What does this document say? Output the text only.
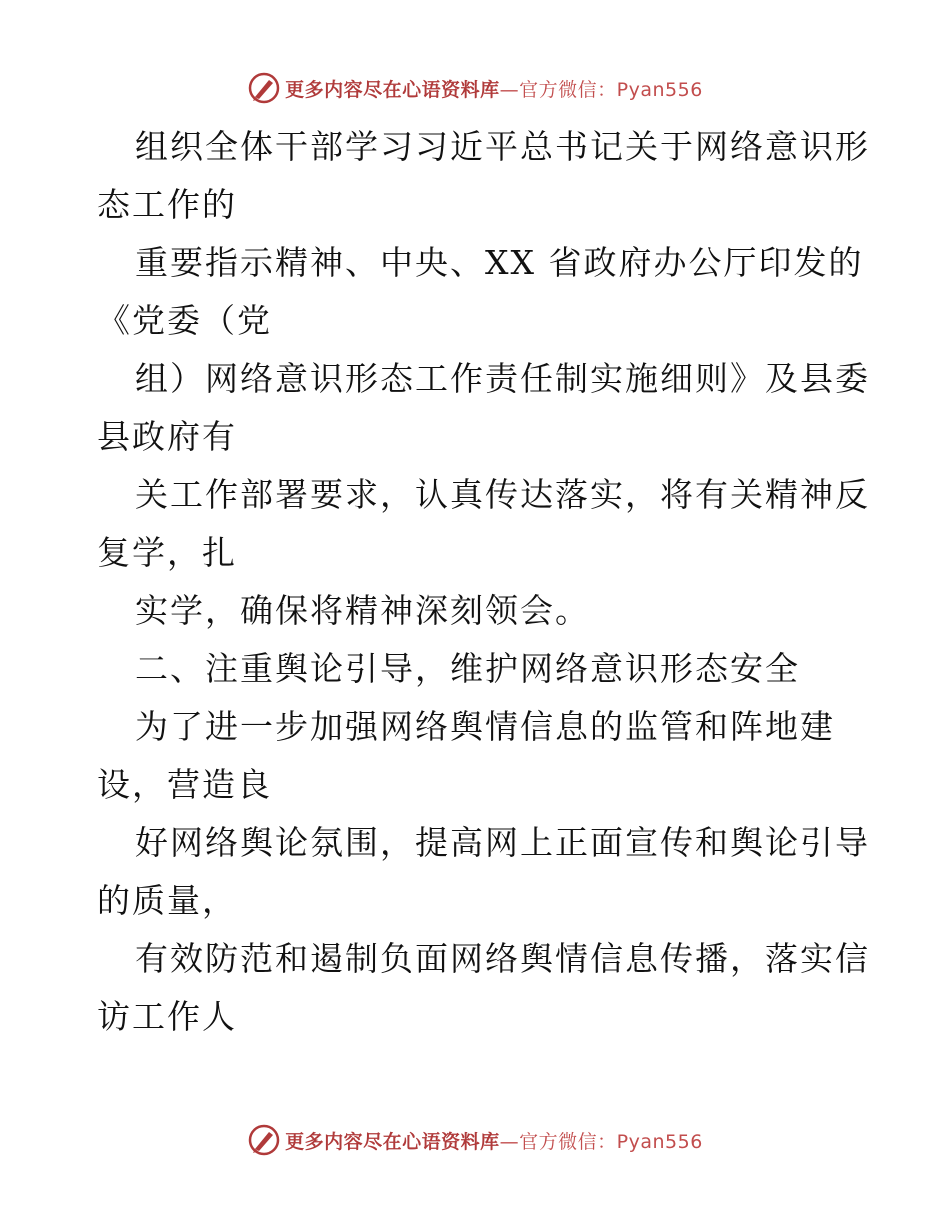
更多内容尽在心语资料库—官方微信：Pyan556
组织全体干部学习习近平总书记关于网络意识形
态工作的
重要指示精神、中央、XX 省政府办公厅印发的
《党委（党
组）网络意识形态工作责任制实施细则》及县委
县政府有
关工作部署要求，认真传达落实，将有关精神反
复学，扎
实学，确保将精神深刻领会。
二、注重舆论引导，维护网络意识形态安全
为了进一步加强网络舆情信息的监管和阵地建
设，营造良
好网络舆论氛围，提高网上正面宣传和舆论引导
的质量，
有效防范和遏制负面网络舆情信息传播，落实信
访工作人
更多内容尽在心语资料库—官方微信：Pyan556
